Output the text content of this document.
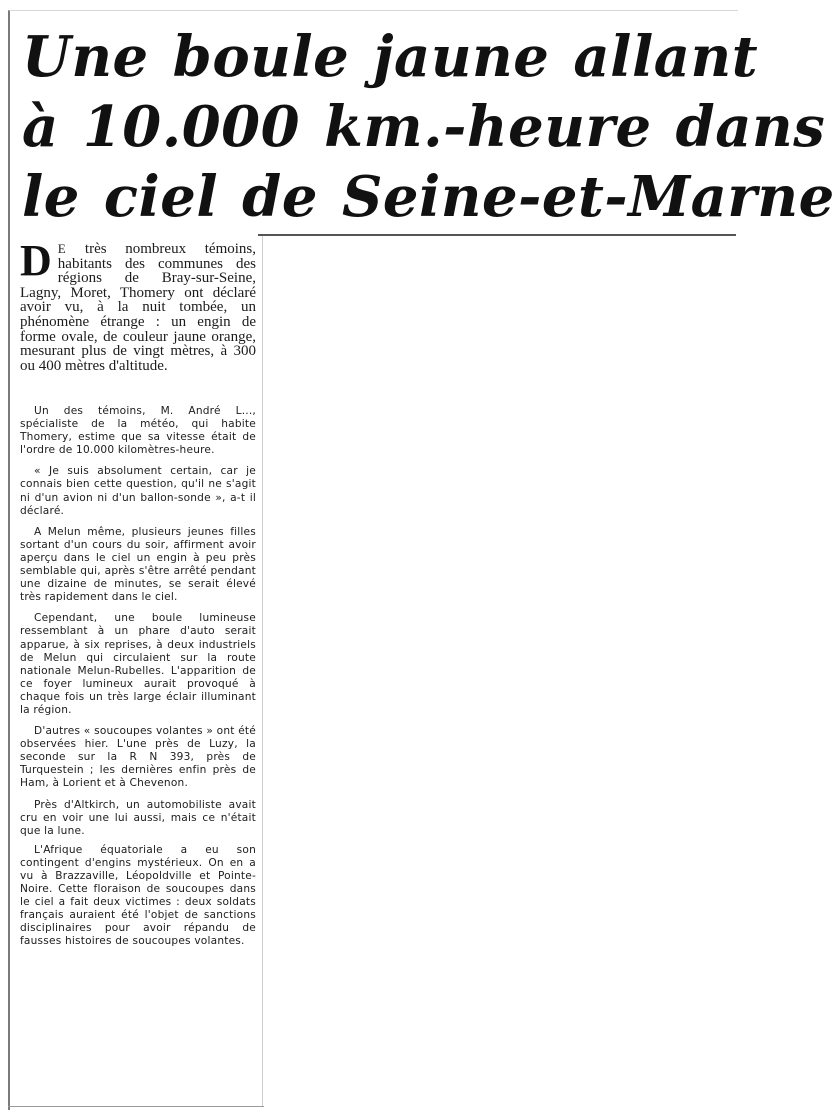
Une boule jaune allant
à 10.000 km.-heure dans
le ciel de Seine-et-Marne
DE très nombreux témoins, habitants des communes des régions de Bray-sur-Seine, Lagny, Moret, Thomery ont déclaré avoir vu, à la nuit tombée, un phénomène étrange : un engin de forme ovale, de couleur jaune orange, mesurant plus de vingt mètres, à 300 ou 400 mètres d'altitude.

Un des témoins, M. André L..., spécialiste de la météo, qui habite Thomery, estime que sa vitesse était de l'ordre de 10.000 kilomètres-heure.

« Je suis absolument certain, car je connais bien cette question, qu'il ne s'agit ni d'un avion ni d'un ballon-sonde », a-t il déclaré.

A Melun même, plusieurs jeunes filles sortant d'un cours du soir, affirment avoir aperçu dans le ciel un engin à peu près semblable qui, après s'être arrêté pendant une dizaine de minutes, se serait élevé très rapidement dans le ciel.

Cependant, une boule lumineuse ressemblant à un phare d'auto serait apparue, à six reprises, à deux industriels de Melun qui circulaient sur la route nationale Melun-Rubelles. L'apparition de ce foyer lumineux aurait provoqué à chaque fois un très large éclair illuminant la région.

D'autres « soucoupes volantes » ont été observées hier. L'une près de Luzy, la seconde sur la R N 393, près de Turquestein ; les dernières enfin près de Ham, à Lorient et à Chevenon.

Près d'Altkirch, un automobiliste avait cru en voir une lui aussi, mais ce n'était que la lune.

L'Afrique équatoriale a eu son contingent d'engins mystérieux. On en a vu à Brazzaville, Léopoldville et Pointe-Noire. Cette floraison de soucoupes dans le ciel a fait deux victimes : deux soldats français auraient été l'objet de sanctions disciplinaires pour avoir répandu de fausses histoires de soucoupes volantes.
